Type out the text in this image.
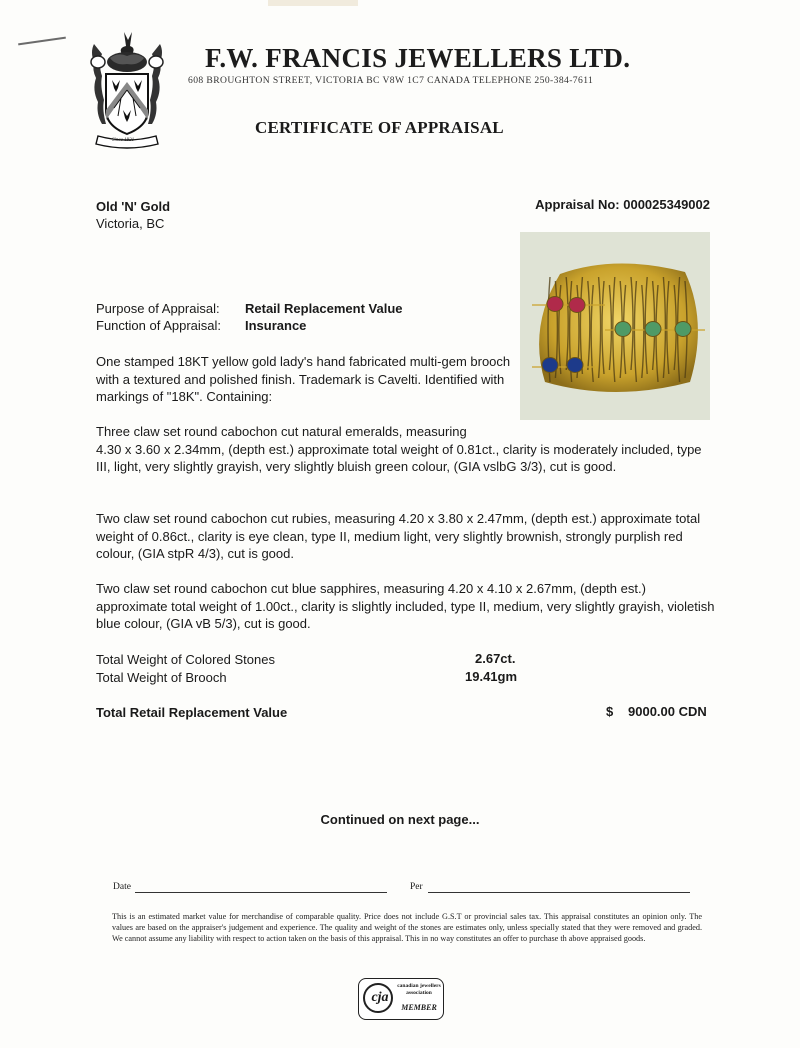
Since 1921
F.W. FRANCIS JEWELLERS LTD.
608 BROUGHTON STREET, VICTORIA BC V8W 1C7 CANADA TELEPHONE 250-384-7611
CERTIFICATE OF APPRAISAL
Old 'N' Gold
Victoria, BC
Appraisal No: 000025349002
Purpose of Appraisal: Retail Replacement Value
Function of Appraisal: Insurance
One stamped 18KT yellow gold lady's hand fabricated multi-gem brooch with a textured and polished finish. Trademark is Cavelti. Identified with markings of "18K". Containing:
Three claw set round cabochon cut natural emeralds, measuring
4.30 x 3.60 x 2.34mm, (depth est.) approximate total weight of 0.81ct., clarity is moderately included, type III, light, very slightly grayish, very slightly bluish green colour, (GIA vslbG 3/3), cut is good.
Two claw set round cabochon cut rubies, measuring 4.20 x 3.80 x 2.47mm, (depth est.) approximate total weight of 0.86ct., clarity is eye clean, type II, medium light, very slightly brownish, strongly purplish red colour, (GIA stpR 4/3), cut is good.
Two claw set round cabochon cut blue sapphires, measuring 4.20 x 4.10 x 2.67mm, (depth est.) approximate total weight of 1.00ct., clarity is slightly included, type II, medium, very slightly grayish, violetish blue colour, (GIA vB 5/3), cut is good.
Total Weight of Colored Stones	2.67ct.
Total Weight of Brooch	19.41gm
Total Retail Replacement Value	$ 9000.00 CDN
Continued on next page...
Date	Per
This is an estimated market value for merchandise of comparable quality. Price does not include G.S.T or provincial sales tax. This appraisal constitutes an opinion only. The values are based on the appraiser's judgement and experience. The quality and weight of the stones are estimates only, unless specially stated that they were removed and graded. We cannot assume any liability with respect to action taken on the basis of this appraisal. This in no way constitutes an offer to purchase th above appraised goods.
cja
canadian jewellers association
MEMBER
